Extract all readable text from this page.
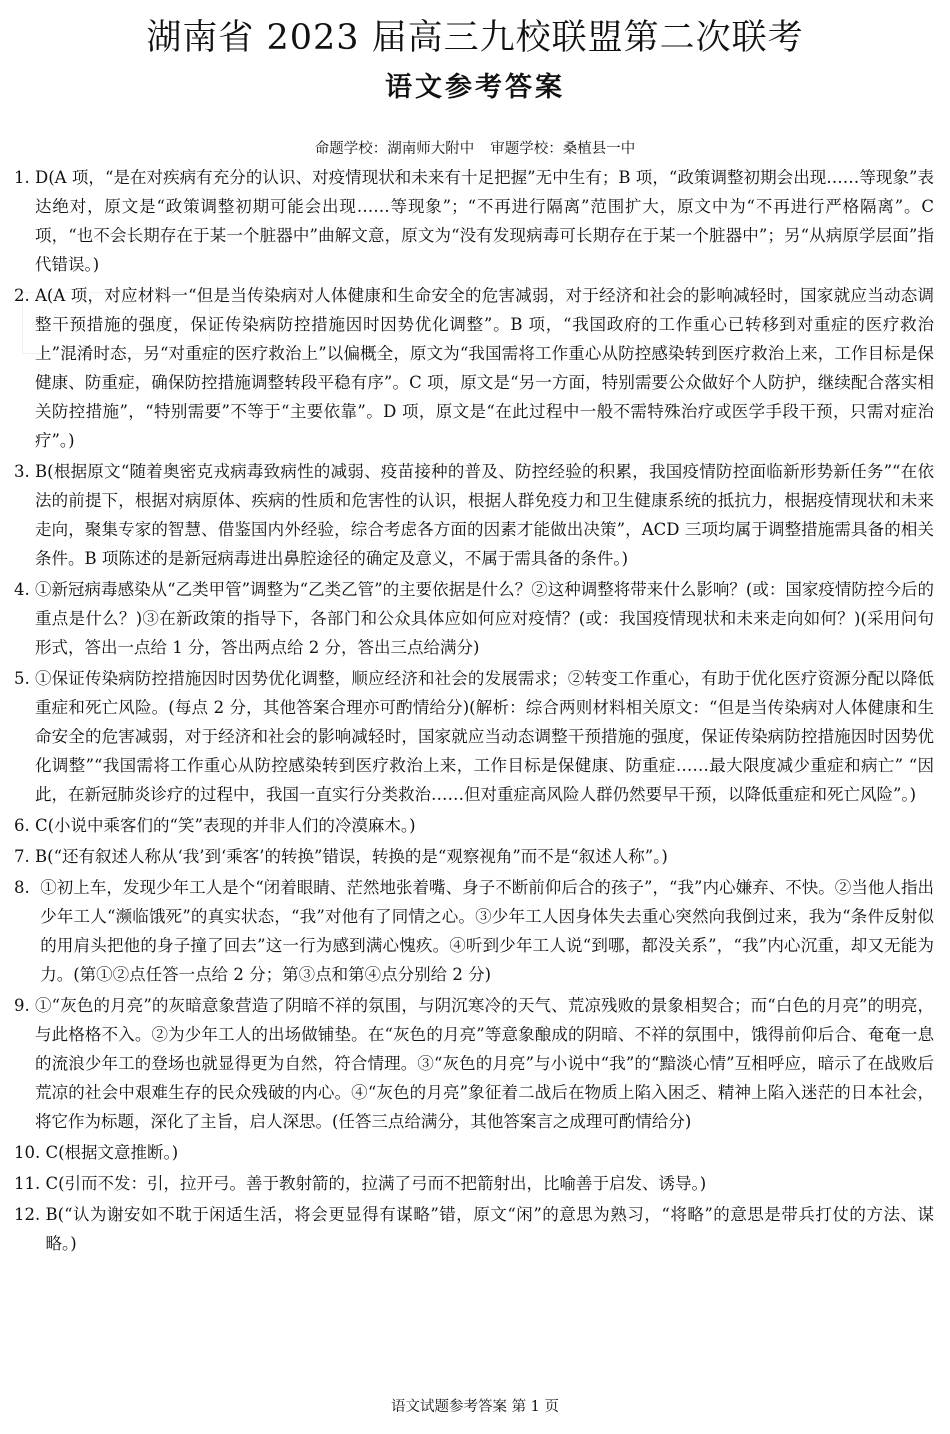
湖南省 2023 届高三九校联盟第二次联考
语文参考答案
命题学校：湖南师大附中 审题学校：桑植县一中
1. D(A 项，“是在对疾病有充分的认识、对疫情现状和未来有十足把握”无中生有；B 项，“政策调整初期会出现……等现象”表达绝对，原文是“政策调整初期可能会出现……等现象”；“不再进行隔离”范围扩大，原文中为“不再进行严格隔离”。C 项，“也不会长期存在于某一个脏器中”曲解文意，原文为“没有发现病毒可长期存在于某一个脏器中”；另“从病原学层面”指代错误。)
2. A(A 项，对应材料一“但是当传染病对人体健康和生命安全的危害减弱，对于经济和社会的影响减轻时，国家就应当动态调整干预措施的强度，保证传染病防控措施因时因势优化调整”。B 项，“我国政府的工作重心已转移到对重症的医疗救治上”混淆时态，另“对重症的医疗救治上”以偏概全，原文为“我国需将工作重心从防控感染转到医疗救治上来，工作目标是保健康、防重症，确保防控措施调整转段平稳有序”。C 项，原文是“另一方面，特别需要公众做好个人防护，继续配合落实相关防控措施”，“特别需要”不等于“主要依靠”。D 项，原文是“在此过程中一般不需特殊治疗或医学手段干预，只需对症治疗”。)
3. B(根据原文“随着奥密克戎病毒致病性的减弱、疫苗接种的普及、防控经验的积累，我国疫情防控面临新形势新任务”“在依法的前提下，根据对病原体、疾病的性质和危害性的认识，根据人群免疫力和卫生健康系统的抵抗力，根据疫情现状和未来走向，聚集专家的智慧、借鉴国内外经验，综合考虑各方面的因素才能做出决策”，ACD 三项均属于调整措施需具备的相关条件。B 项陈述的是新冠病毒进出鼻腔途径的确定及意义，不属于需具备的条件。)
4. ①新冠病毒感染从“乙类甲管”调整为“乙类乙管”的主要依据是什么？②这种调整将带来什么影响？(或：国家疫情防控今后的重点是什么？)③在新政策的指导下，各部门和公众具体应如何应对疫情？(或：我国疫情现状和未来走向如何？)(采用问句形式，答出一点给 1 分，答出两点给 2 分，答出三点给满分)
5. ①保证传染病防控措施因时因势优化调整，顺应经济和社会的发展需求；②转变工作重心，有助于优化医疗资源分配以降低重症和死亡风险。(每点 2 分，其他答案合理亦可酌情给分)(解析：综合两则材料相关原文：“但是当传染病对人体健康和生命安全的危害减弱，对于经济和社会的影响减轻时，国家就应当动态调整干预措施的强度，保证传染病防控措施因时因势优化调整”“我国需将工作重心从防控感染转到医疗救治上来，工作目标是保健康、防重症……最大限度减少重症和病亡” “因此，在新冠肺炎诊疗的过程中，我国一直实行分类救治……但对重症高风险人群仍然要早干预，以降低重症和死亡风险”。)
6. C(小说中乘客们的“笑”表现的并非人们的冷漠麻木。)
7. B(“还有叙述人称从‘我’到‘乘客’的转换”错误，转换的是“观察视角”而不是“叙述人称”。)
8. ①初上车，发现少年工人是个“闭着眼睛、茫然地张着嘴、身子不断前仰后合的孩子”，“我”内心嫌弃、不快。②当他人指出少年工人“濒临饿死”的真实状态，“我”对他有了同情之心。③少年工人因身体失去重心突然向我倒过来，我为“条件反射似的用肩头把他的身子撞了回去”这一行为感到满心愧疚。④听到少年工人说“到哪，都没关系”，“我”内心沉重，却又无能为力。(第①②点任答一点给 2 分；第③点和第④点分别给 2 分)
9. ①“灰色的月亮”的灰暗意象营造了阴暗不祥的氛围，与阴沉寒冷的天气、荒凉残败的景象相契合；而“白色的月亮”的明亮，与此格格不入。②为少年工人的出场做铺垫。在“灰色的月亮”等意象酿成的阴暗、不祥的氛围中，饿得前仰后合、奄奄一息的流浪少年工的登场也就显得更为自然，符合情理。③“灰色的月亮”与小说中“我”的“黯淡心情”互相呼应，暗示了在战败后荒凉的社会中艰难生存的民众残破的内心。④“灰色的月亮”象征着二战后在物质上陷入困乏、精神上陷入迷茫的日本社会，将它作为标题，深化了主旨，启人深思。(任答三点给满分，其他答案言之成理可酌情给分)
10. C(根据文意推断。)
11. C(引而不发：引，拉开弓。善于教射箭的，拉满了弓而不把箭射出，比喻善于启发、诱导。)
12. B(“认为谢安如不耽于闲适生活，将会更显得有谋略”错，原文“闲”的意思为熟习，“将略”的意思是带兵打仗的方法、谋略。)
语文试题参考答案 第 1 页
